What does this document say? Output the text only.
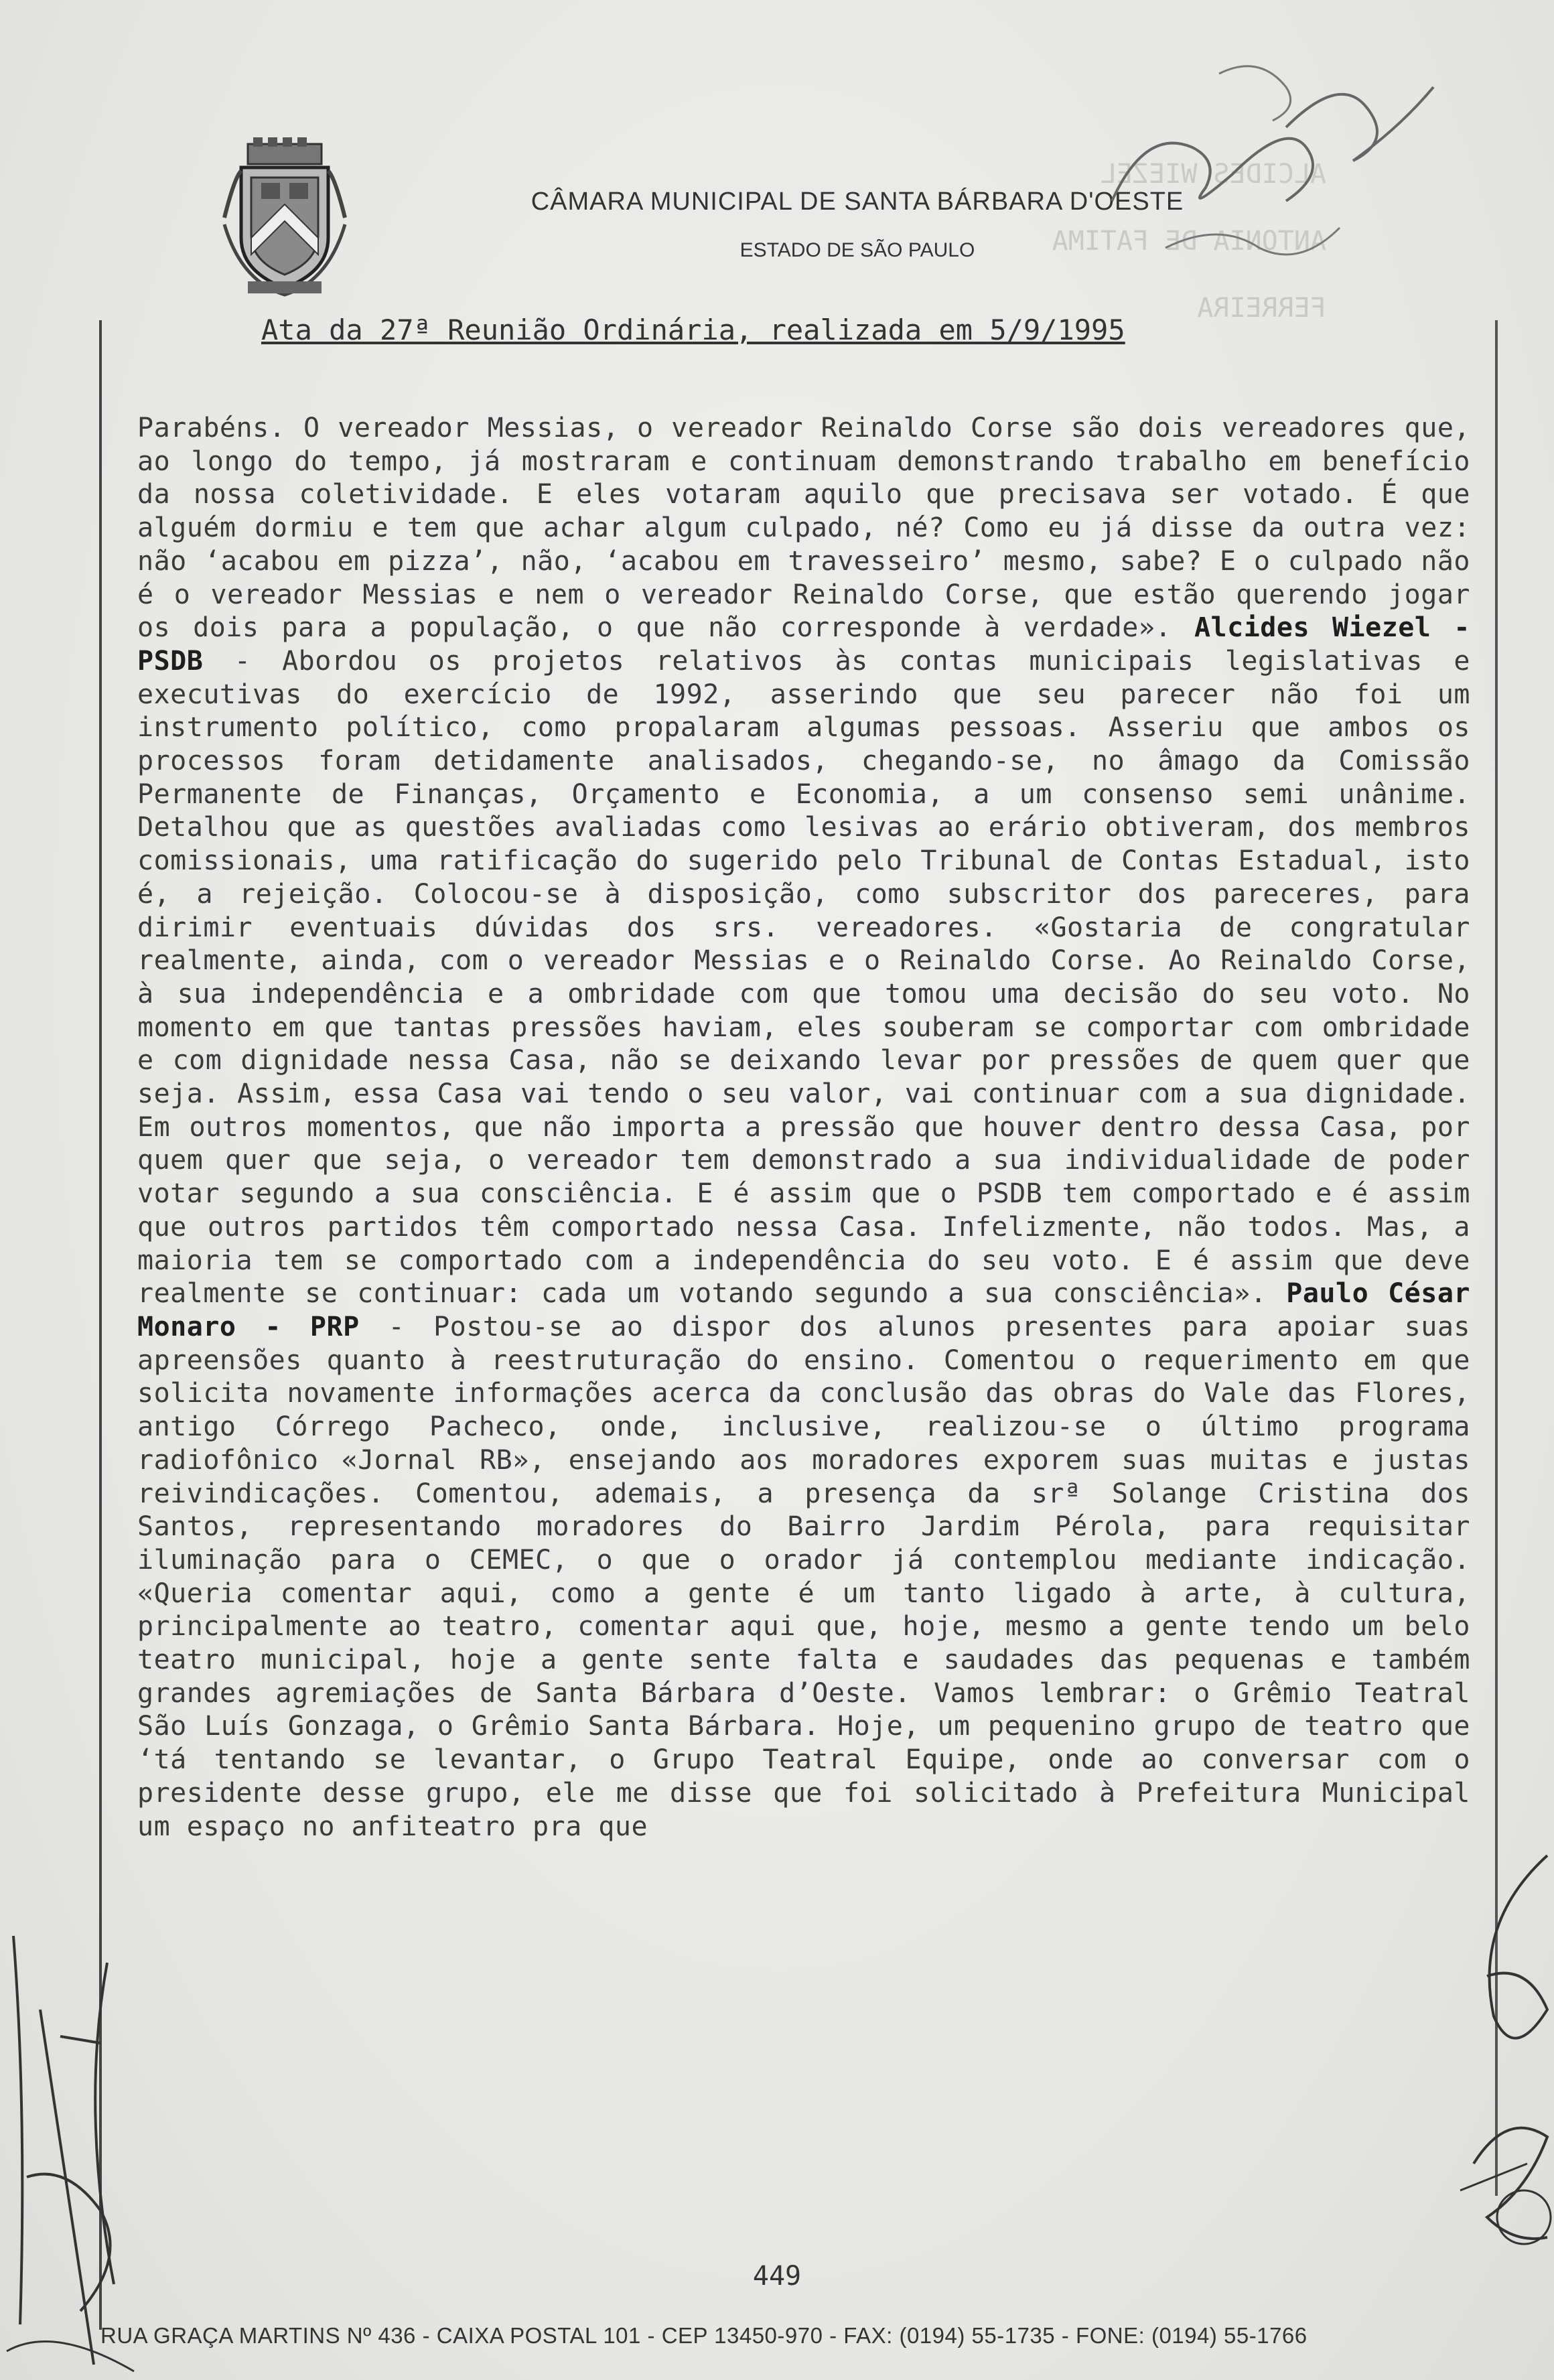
ALCIDES WIEZEL
ANTONIA DE FATIMA FERREIRA
CÂMARA MUNICIPAL DE SANTA BÁRBARA D'OESTE
ESTADO DE SÃO PAULO
Ata da 27ª Reunião Ordinária, realizada em 5/9/1995

Parabéns. O vereador Messias, o vereador Reinaldo Corse são dois vereadores que, ao longo do tempo, já mostraram e continuam demonstrando trabalho em benefício da nossa coletividade. E eles votaram aquilo que precisava ser votado. É que alguém dormiu e tem que achar algum culpado, né? Como eu já disse da outra vez: não ‘acabou em pizza’, não, ‘acabou em travesseiro’ mesmo, sabe? E o culpado não é o vereador Messias e nem o vereador Reinaldo Corse, que estão querendo jogar os dois para a população, o que não corresponde à verdade». Alcides Wiezel - PSDB - Abordou os projetos relativos às contas municipais legislativas e executivas do exercício de 1992, asserindo que seu parecer não foi um instrumento político, como propalaram algumas pessoas. Asseriu que ambos os processos foram detidamente analisados, chegando-se, no âmago da Comissão Permanente de Finanças, Orçamento e Economia, a um consenso semi unânime. Detalhou que as questões avaliadas como lesivas ao erário obtiveram, dos membros comissionais, uma ratificação do sugerido pelo Tribunal de Contas Estadual, isto é, a rejeição. Colocou-se à disposição, como subscritor dos pareceres, para dirimir eventuais dúvidas dos srs. vereadores. «Gostaria de congratular realmente, ainda, com o vereador Messias e o Reinaldo Corse. Ao Reinaldo Corse, à sua independência e a ombridade com que tomou uma decisão do seu voto. No momento em que tantas pressões haviam, eles souberam se comportar com ombridade e com dignidade nessa Casa, não se deixando levar por pressões de quem quer que seja. Assim, essa Casa vai tendo o seu valor, vai continuar com a sua dignidade. Em outros momentos, que não importa a pressão que houver dentro dessa Casa, por quem quer que seja, o vereador tem demonstrado a sua individualidade de poder votar segundo a sua consciência. E é assim que o PSDB tem comportado e é assim que outros partidos têm comportado nessa Casa. Infelizmente, não todos. Mas, a maioria tem se comportado com a independência do seu voto. E é assim que deve realmente se continuar: cada um votando segundo a sua consciência». Paulo César Monaro - PRP - Postou-se ao dispor dos alunos presentes para apoiar suas apreensões quanto à reestruturação do ensino. Comentou o requerimento em que solicita novamente informações acerca da conclusão das obras do Vale das Flores, antigo Córrego Pacheco, onde, inclusive, realizou-se o último programa radiofônico «Jornal RB», ensejando aos moradores exporem suas muitas e justas reivindicações. Comentou, ademais, a presença da srª Solange Cristina dos Santos, representando moradores do Bairro Jardim Pérola, para requisitar iluminação para o CEMEC, o que o orador já contemplou mediante indicação. «Queria comentar aqui, como a gente é um tanto ligado à arte, à cultura, principalmente ao teatro, comentar aqui que, hoje, mesmo a gente tendo um belo teatro municipal, hoje a gente sente falta e saudades das pequenas e também grandes agremiações de Santa Bárbara d’Oeste. Vamos lembrar: o Grêmio Teatral São Luís Gonzaga, o Grêmio Santa Bárbara. Hoje, um pequenino grupo de teatro que ‘tá tentando se levantar, o Grupo Teatral Equipe, onde ao conversar com o presidente desse grupo, ele me disse que foi solicitado à Prefeitura Municipal um espaço no anfiteatro pra que

449
RUA GRAÇA MARTINS Nº 436 - CAIXA POSTAL 101 - CEP 13450-970 - FAX: (0194) 55-1735 - FONE: (0194) 55-1766
